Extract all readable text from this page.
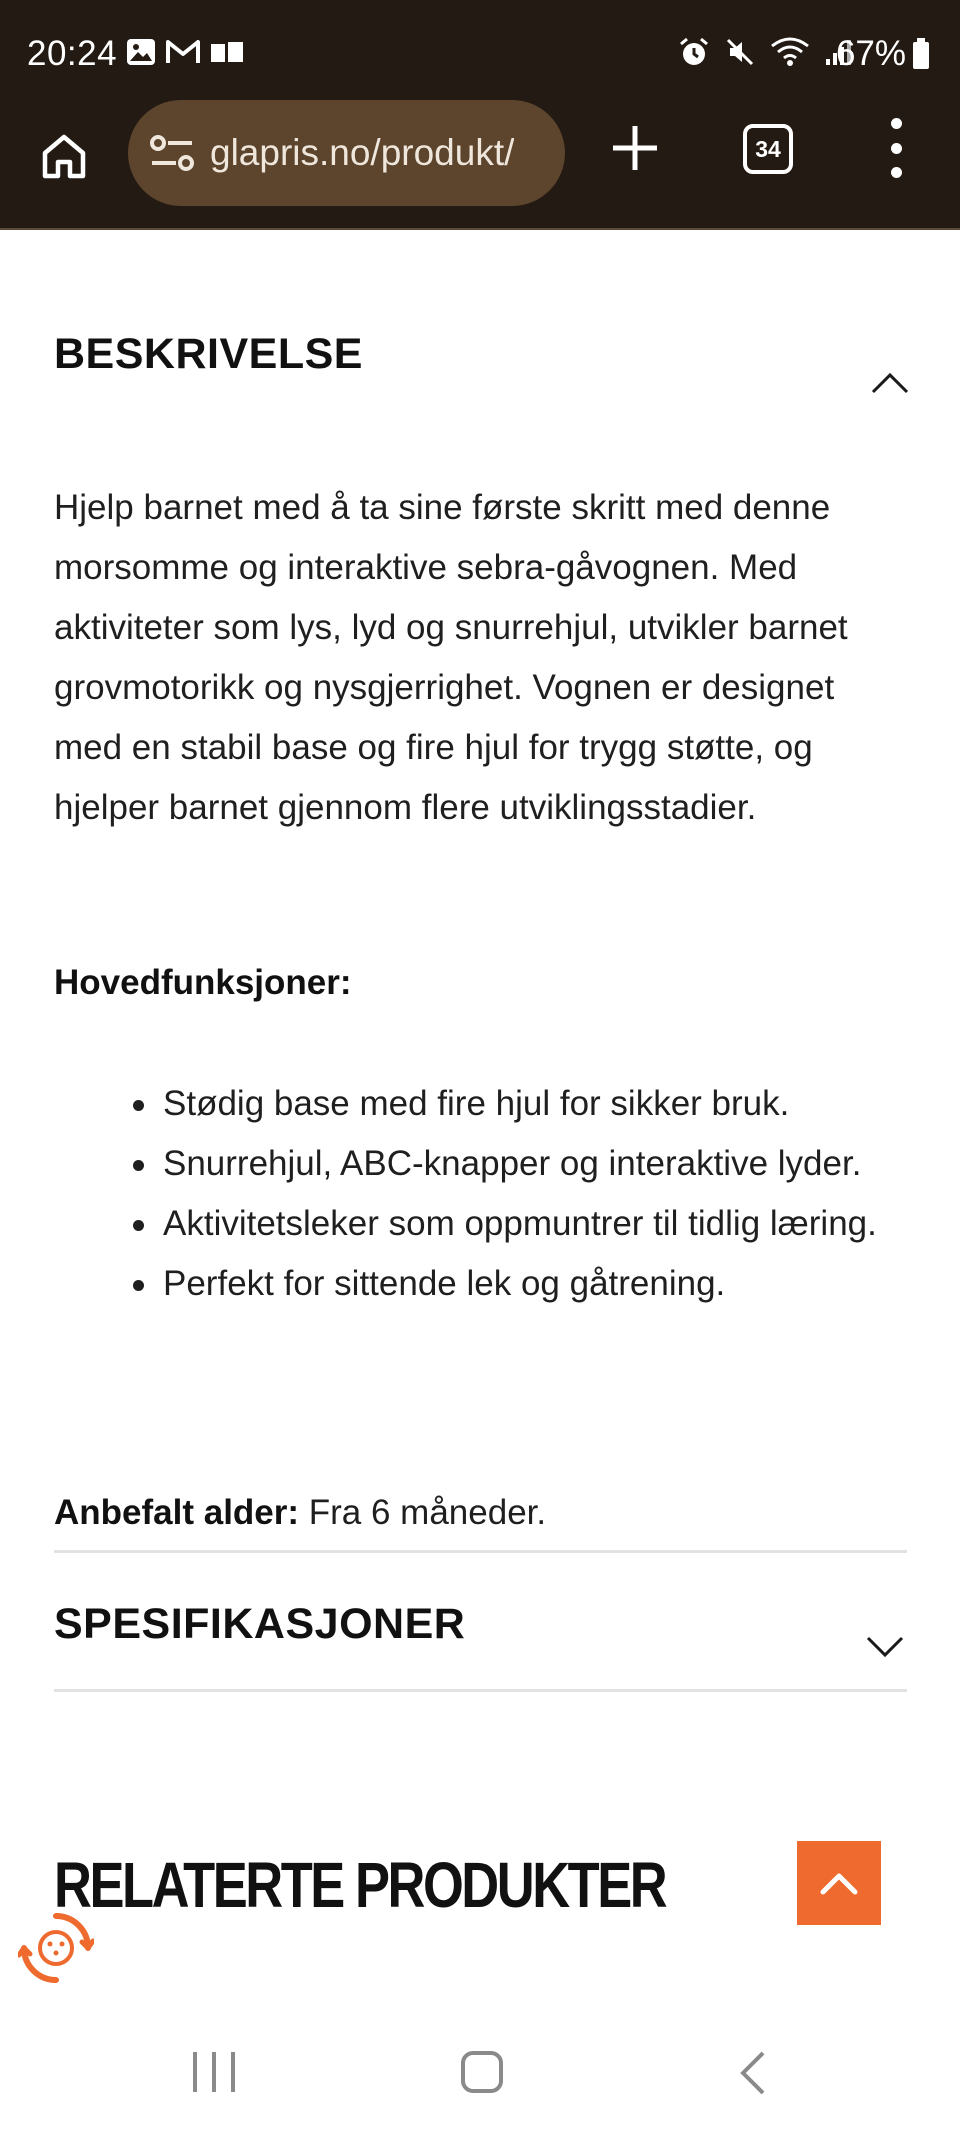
20:24	67%
glapris.no/produkt/	34
BESKRIVELSE

Hjelp barnet med å ta sine første skritt med denne morsomme og interaktive sebra-gåvognen. Med aktiviteter som lys, lyd og snurrehjul, utvikler barnet grovmotorikk og nysgjerrighet. Vognen er designet med en stabil base og fire hjul for trygg støtte, og hjelper barnet gjennom flere utviklingsstadier.

Hovedfunksjoner:
Stødig base med fire hjul for sikker bruk.
Snurrehjul, ABC-knapper og interaktive lyder.
Aktivitetsleker som oppmuntrer til tidlig læring.
Perfekt for sittende lek og gåtrening.
Anbefalt alder: Fra 6 måneder.
SPESIFIKASJONER
RELATERTE PRODUKTER
